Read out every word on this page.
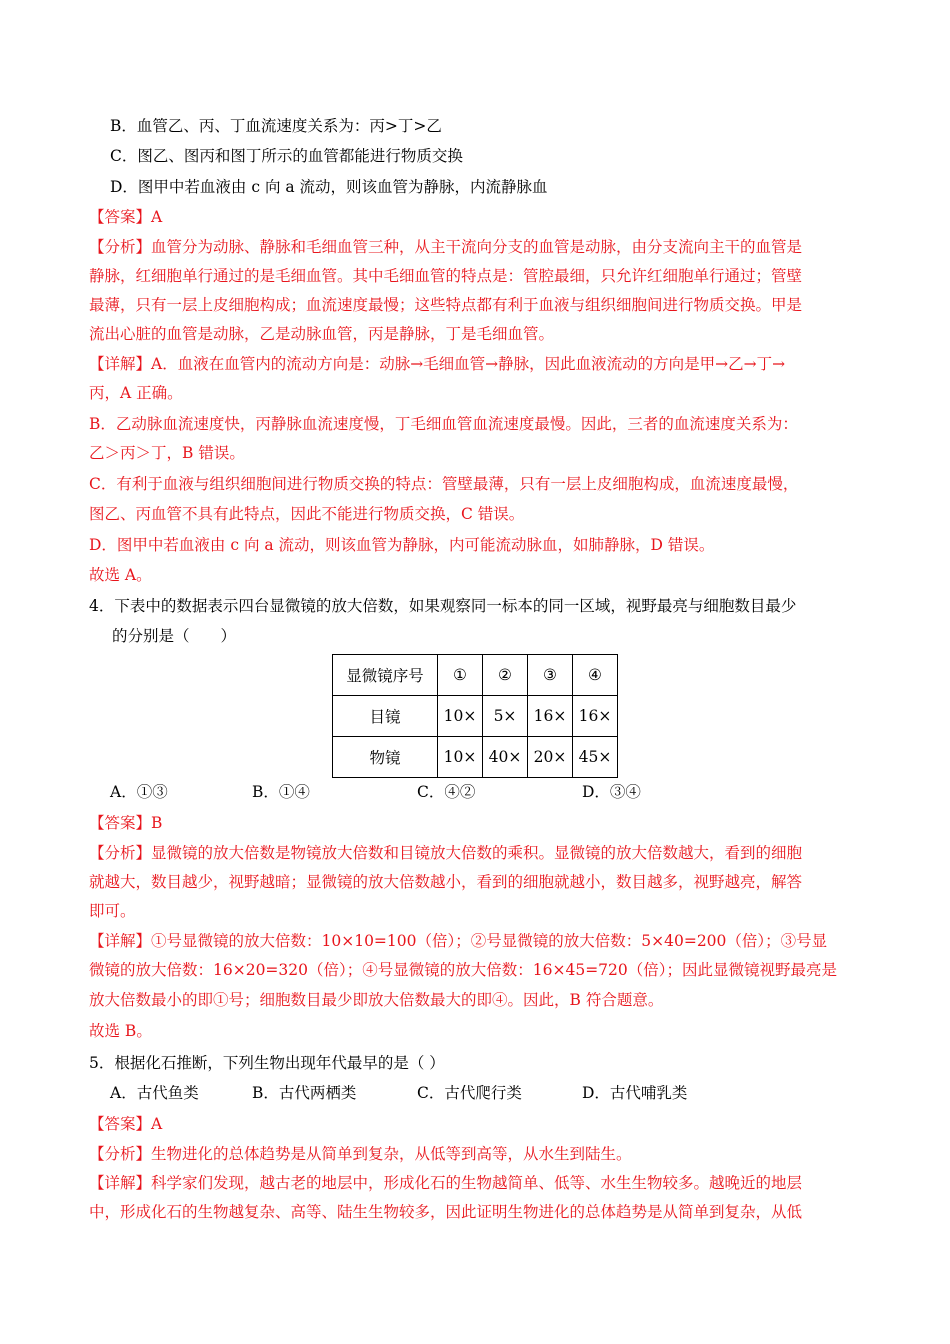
B．血管乙、丙、丁血流速度关系为：丙>丁>乙
C．图乙、图丙和图丁所示的血管都能进行物质交换
D．图甲中若血液由 c 向 a 流动，则该血管为静脉，内流静脉血
【答案】A
【分析】血管分为动脉、静脉和毛细血管三种，从主干流向分支的血管是动脉，由分支流向主干的血管是
静脉，红细胞单行通过的是毛细血管。其中毛细血管的特点是：管腔最细，只允许红细胞单行通过；管壁
最薄，只有一层上皮细胞构成；血流速度最慢；这些特点都有利于血液与组织细胞间进行物质交换。甲是
流出心脏的血管是动脉，乙是动脉血管，丙是静脉，丁是毛细血管。
【详解】A．血液在血管内的流动方向是：动脉→毛细血管→静脉，因此血液流动的方向是甲→乙→丁→
丙，A 正确。
B．乙动脉血流速度快，丙静脉血流速度慢，丁毛细血管血流速度最慢。因此，三者的血流速度关系为：
乙＞丙＞丁，B 错误。
C．有利于血液与组织细胞间进行物质交换的特点：管壁最薄，只有一层上皮细胞构成，血流速度最慢，
图乙、丙血管不具有此特点，因此不能进行物质交换，C 错误。
D．图甲中若血液由 c 向 a 流动，则该血管为静脉，内可能流动脉血，如肺静脉，D 错误。
故选 A。
4．下表中的数据表示四台显微镜的放大倍数，如果观察同一标本的同一区域，视野最亮与细胞数目最少
的分别是（　　）
显微镜序号	①	②	③	④
目镜	10×	5×	16×	16×
物镜	10×	40×	20×	45×
A．①③	B．①④	C．④②	D．③④
【答案】B
【分析】显微镜的放大倍数是物镜放大倍数和目镜放大倍数的乘积。显微镜的放大倍数越大，看到的细胞
就越大，数目越少，视野越暗；显微镜的放大倍数越小，看到的细胞就越小，数目越多，视野越亮，解答
即可。
【详解】①号显微镜的放大倍数：10×10=100（倍）；②号显微镜的放大倍数：5×40=200（倍）；③号显
微镜的放大倍数：16×20=320（倍）；④号显微镜的放大倍数：16×45=720（倍）；因此显微镜视野最亮是
放大倍数最小的即①号；细胞数目最少即放大倍数最大的即④。因此，B 符合题意。
故选 B。
5．根据化石推断，下列生物出现年代最早的是（ ）
A．古代鱼类	B．古代两栖类	C．古代爬行类	D．古代哺乳类
【答案】A
【分析】生物进化的总体趋势是从简单到复杂，从低等到高等，从水生到陆生。
【详解】科学家们发现，越古老的地层中，形成化石的生物越简单、低等、水生生物较多。越晚近的地层
中，形成化石的生物越复杂、高等、陆生生物较多，因此证明生物进化的总体趋势是从简单到复杂，从低
